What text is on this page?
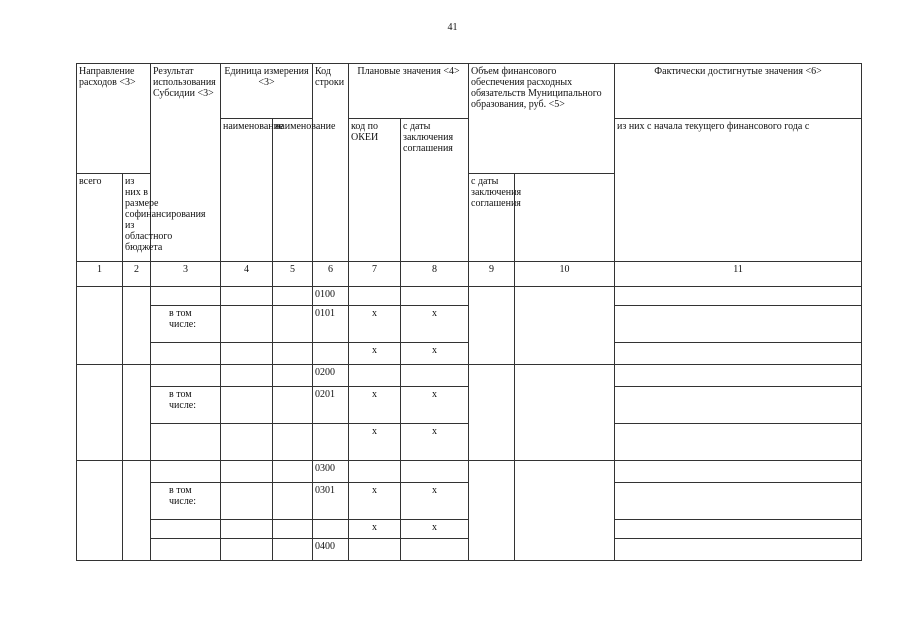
41
Направление расходов <3>		Результат использования Субсидии <3>	Единица измерения <3>		Код строки	Плановые значения <4>		Объем финансового обеспечения расходных обязательств Муниципального образования, руб. <5>		Фактически достигнутые значения <6>	
			наименование	наименование		код по ОКЕИ	с даты заключения соглашения			из них с начала текущего финансового года с	
всего	из них в размере софинансирования из областного бюджета							с даты заключения соглашения			
1	2	3	4	5	6	7	8	9	10	11	
					0100						
		в том числе:			0101	х	х				
						х	х				
					0200						
		в том числе:			0201	х	х				
						х	х				
					0300						
		в том числе:			0301	х	х				
						х	х				
					0400						
